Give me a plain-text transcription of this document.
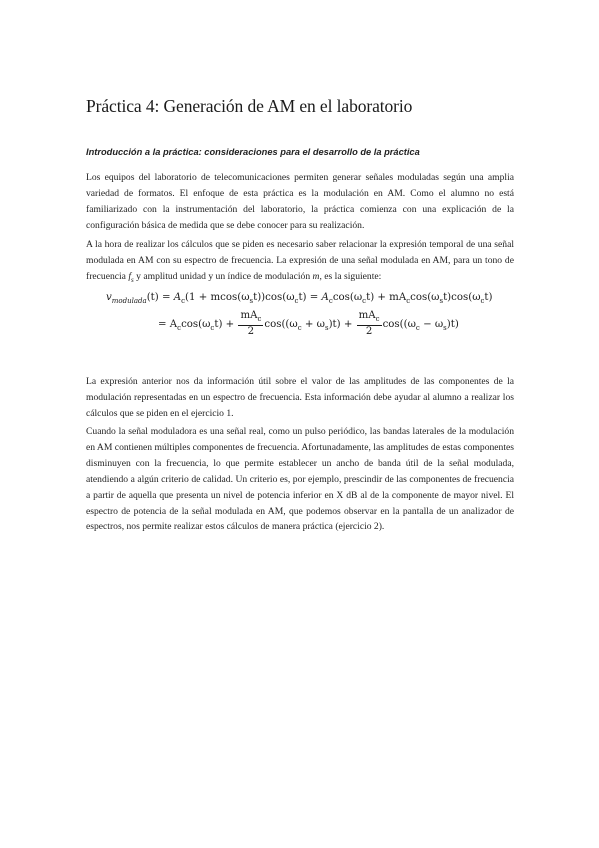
Práctica 4: Generación de AM en el laboratorio

Introducción a la práctica: consideraciones para el desarrollo de la práctica

Los equipos del laboratorio de telecomunicaciones permiten generar señales moduladas según una amplia variedad de formatos. El enfoque de esta práctica es la modulación en AM. Como el alumno no está familiarizado con la instrumentación del laboratorio, la práctica comienza con una explicación de la configuración básica de medida que se debe conocer para su realización.

A la hora de realizar los cálculos que se piden es necesario saber relacionar la expresión temporal de una señal modulada en AM con su espectro de frecuencia. La expresión de una señal modulada en AM, para un tono de frecuencia $f_s$ y amplitud unidad y un índice de modulación m, es la siguiente:

$v_{modulada}(t) = A_c(1 + mcos(\omega_st))\cos(\omega_ct) = A_c\cos(\omega_ct) + mA_c\cos(\omega_st)\cos(\omega_ct)$
= $A_c\cos(\omega_ct) + \frac{mA_c}{2} \cos((\omega_c + \omega_s)t) + \frac{mA_c}{2} \cos((\omega_c - \omega_s)t)$

La expresión anterior nos da información útil sobre el valor de las amplitudes de las componentes de la modulación representadas en un espectro de frecuencia. Esta información debe ayudar al alumno a realizar los cálculos que se piden en el ejercicio 1.

Cuando la señal moduladora es una señal real, como un pulso periódico, las bandas laterales de la modulación en AM contienen múltiples componentes de frecuencia. Afortunadamente, las amplitudes de estas componentes disminuyen con la frecuencia, lo que permite establecer un ancho de banda útil de la señal modulada, atendiendo a algún criterio de calidad. Un criterio es, por ejemplo, prescindir de las componentes de frecuencia a partir de aquella que presenta un nivel de potencia inferior en X dB al de la componente de mayor nivel. El espectro de potencia de la señal modulada en AM, que podemos observar en la pantalla de un analizador de espectros, nos permite realizar estos cálculos de manera práctica (ejercicio 2).
